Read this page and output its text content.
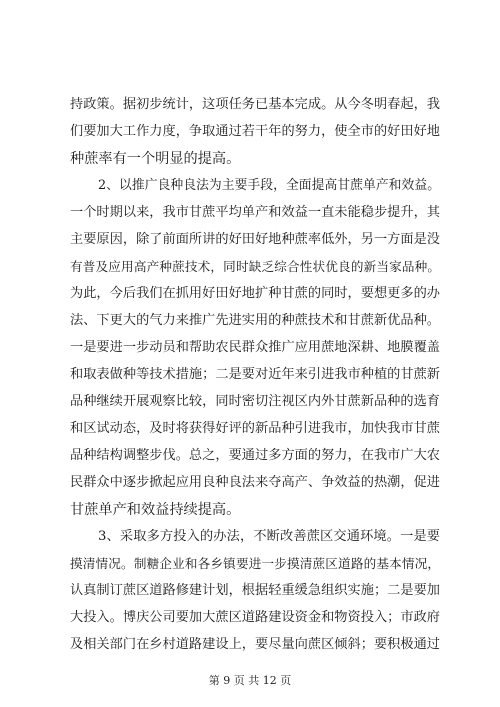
持政策。据初步统计，这项任务已基本完成。从今冬明春起，我
们要加大工作力度，争取通过若干年的努力，使全市的好田好地
种蔗率有一个明显的提高。
2、以推广良种良法为主要手段，全面提高甘蔗单产和效益。
一个时期以来，我市甘蔗平均单产和效益一直未能稳步提升，其
主要原因，除了前面所讲的好田好地种蔗率低外，另一方面是没
有普及应用高产种蔗技术，同时缺乏综合性状优良的新当家品种。
为此，今后我们在抓用好田好地扩种甘蔗的同时，要想更多的办
法、下更大的气力来推广先进实用的种蔗技术和甘蔗新优品种。
一是要进一步动员和帮助农民群众推广应用蔗地深耕、地膜覆盖
和取表做种等技术措施；二是要对近年来引进我市种植的甘蔗新
品种继续开展观察比较，同时密切注视区内外甘蔗新品种的选育
和区试动态，及时将获得好评的新品种引进我市，加快我市甘蔗
品种结构调整步伐。总之，要通过多方面的努力，在我市广大农
民群众中逐步掀起应用良种良法来夺高产、争效益的热潮，促进
甘蔗单产和效益持续提高。
3、采取多方投入的办法，不断改善蔗区交通环境。一是要
摸清情况。制糖企业和各乡镇要进一步摸清蔗区道路的基本情况，
认真制订蔗区道路修建计划，根据轻重缓急组织实施；二是要加
大投入。博庆公司要加大蔗区道路建设资金和物资投入；市政府
及相关部门在乡村道路建设上，要尽量向蔗区倾斜；要积极通过
第 9 页 共 12 页
